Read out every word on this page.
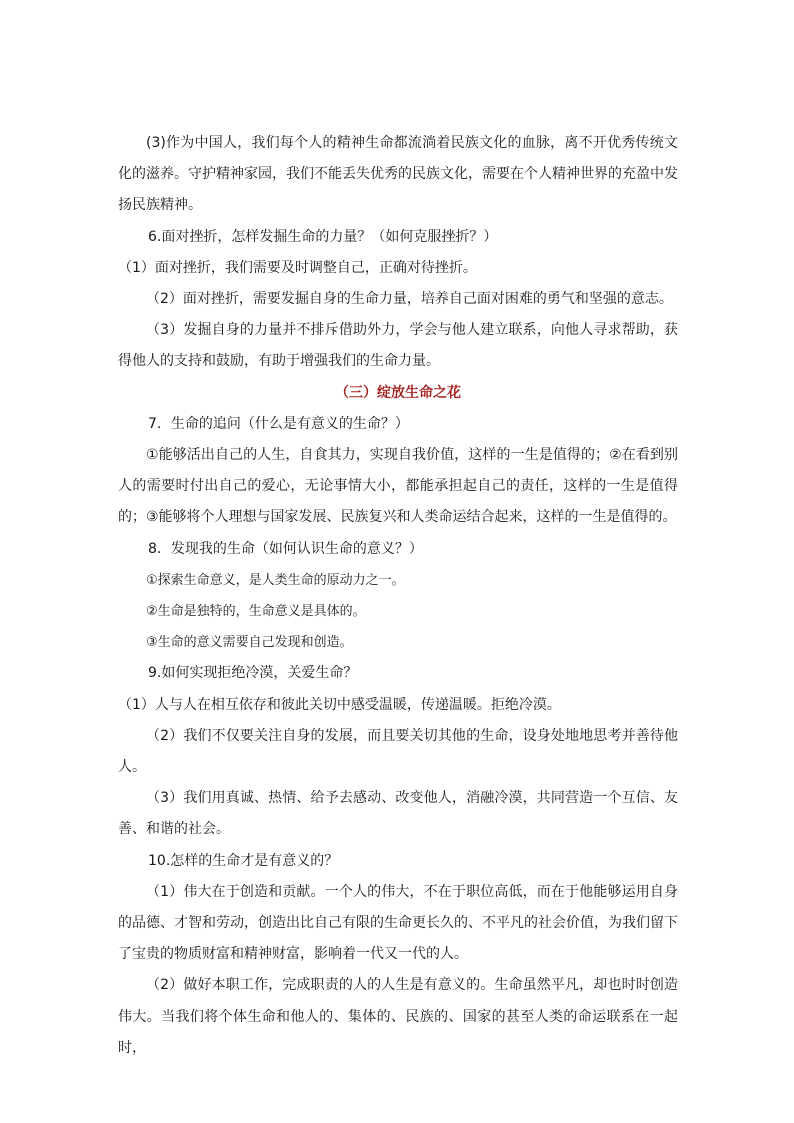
(3)作为中国人，我们每个人的精神生命都流淌着民族文化的血脉，离不开优秀传统文化的滋养。守护精神家园，我们不能丢失优秀的民族文化，需要在个人精神世界的充盈中发扬民族精神。

6.面对挫折，怎样发掘生命的力量？（如何克服挫折？）

（1）面对挫折，我们需要及时调整自己，正确对待挫折。

（2）面对挫折，需要发掘自身的生命力量，培养自己面对困难的勇气和坚强的意志。

（3）发掘自身的力量并不排斥借助外力，学会与他人建立联系，向他人寻求帮助，获得他人的支持和鼓励，有助于增强我们的生命力量。

（三）绽放生命之花

7．生命的追问（什么是有意义的生命？）

①能够活出自己的人生，自食其力，实现自我价值，这样的一生是值得的；②在看到别人的需要时付出自己的爱心，无论事情大小，都能承担起自己的责任，这样的一生是值得的；③能够将个人理想与国家发展、民族复兴和人类命运结合起来，这样的一生是值得的。

8．发现我的生命（如何认识生命的意义？）

①探索生命意义，是人类生命的原动力之一。

②生命是独特的，生命意义是具体的。

③生命的意义需要自己发现和创造。

9.如何实现拒绝冷漠，关爱生命？

（1）人与人在相互依存和彼此关切中感受温暖，传递温暖。拒绝冷漠。

（2）我们不仅要关注自身的发展，而且要关切其他的生命，设身处地地思考并善待他人。

（3）我们用真诚、热情、给予去感动、改变他人，消融冷漠，共同营造一个互信、友善、和谐的社会。

10.怎样的生命才是有意义的？

（1）伟大在于创造和贡献。一个人的伟大，不在于职位高低，而在于他能够运用自身的品德、才智和劳动，创造出比自己有限的生命更长久的、不平凡的社会价值，为我们留下了宝贵的物质财富和精神财富，影响着一代又一代的人。

（2）做好本职工作，完成职责的人的人生是有意义的。生命虽然平凡，却也时时创造伟大。当我们将个体生命和他人的、集体的、民族的、国家的甚至人类的命运联系在一起时，
